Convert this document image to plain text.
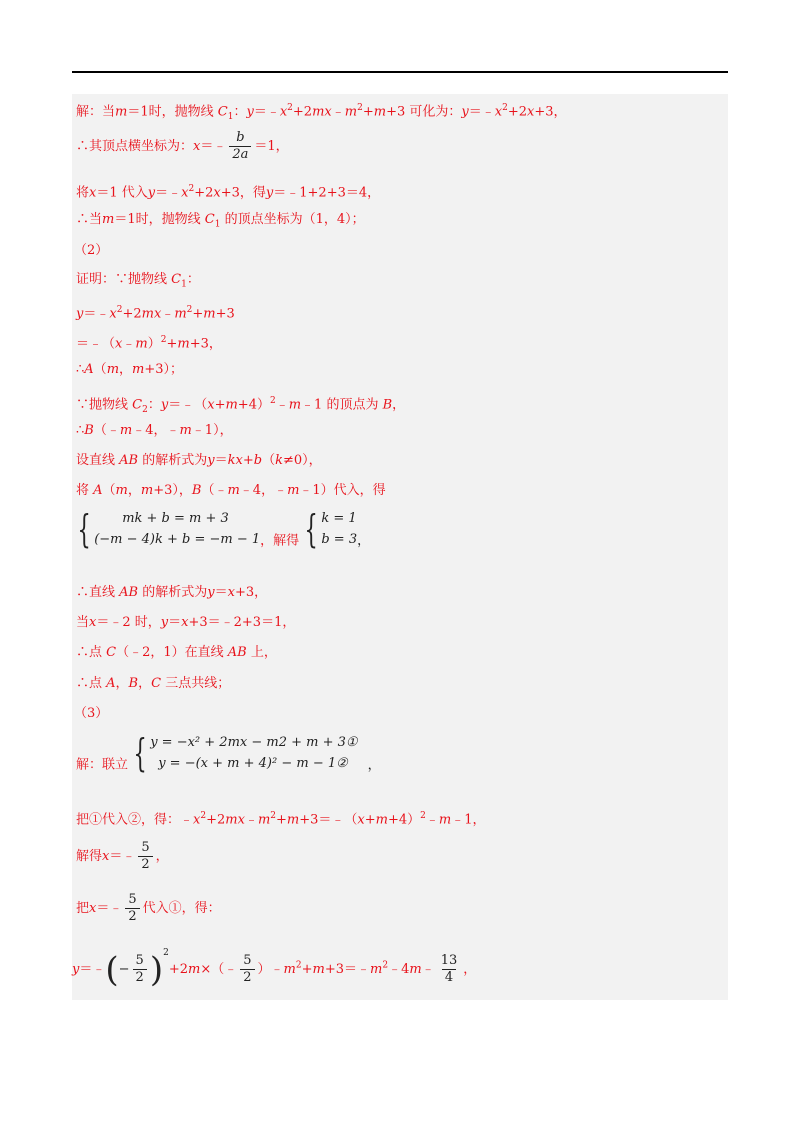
解：当m＝1时，抛物线 $C_1$：$y=﹣x^2+2mx﹣m^2+m+3$ 可化为：$y=﹣x^2+2x+3$，
∴其顶点横坐标为：x＝﹣ $\frac{b}{2a} =1$，
将x＝1 代入$y=﹣x^2+2x+3$，得y＝﹣1+2+3＝4，
∴当m＝1时，抛物线 $C_1$ 的顶点坐标为（1，4）；
（2）
证明：∵抛物线 $C_1$：
$y=﹣x^2+2mx﹣m^2+m+3$
＝﹣（x﹣m）$^2$+m+3，
∴A（m，m+3）；
∵抛物线 $C_2$：$y=﹣(x+m+4)^2﹣m﹣1$ 的顶点为 B，
∴B（﹣m﹣4，﹣m﹣1），
设直线 AB 的解析式为y＝kx+b（k≠0），
将 A（m，m+3），B（﹣m﹣4，﹣m﹣1）代入，得
{	mk + b = m + 3
(−m − 4)k + b = −m − 1 ，解得 { k = 1
b = 3 ，
∴直线 AB 的解析式为y＝x+3，
当x＝﹣2 时，y＝x+3＝﹣2+3＝1，
∴点 C（﹣2，1）在直线 AB 上，
∴点 A，B，C 三点共线；
（3）
解：联立 { y = −x² + 2mx − m2 + m + 3①
y = −(x + m + 4)² − m − 1②	，
把①代入②，得：$﹣x^2+2mx﹣m^2+m+3=﹣(x+m+4)^2﹣m﹣1$，
解得x＝﹣ $\frac{5}{2}$ ，
把x＝﹣ $\frac{5}{2}$ 代入①，得：
y＝﹣(− $\frac{5}{2}$ )$^2$+2m×（﹣ $\frac{5}{2}$ ）$﹣m^2+m+3=﹣m^2﹣4m﹣ \frac{13}{4}$ ，
